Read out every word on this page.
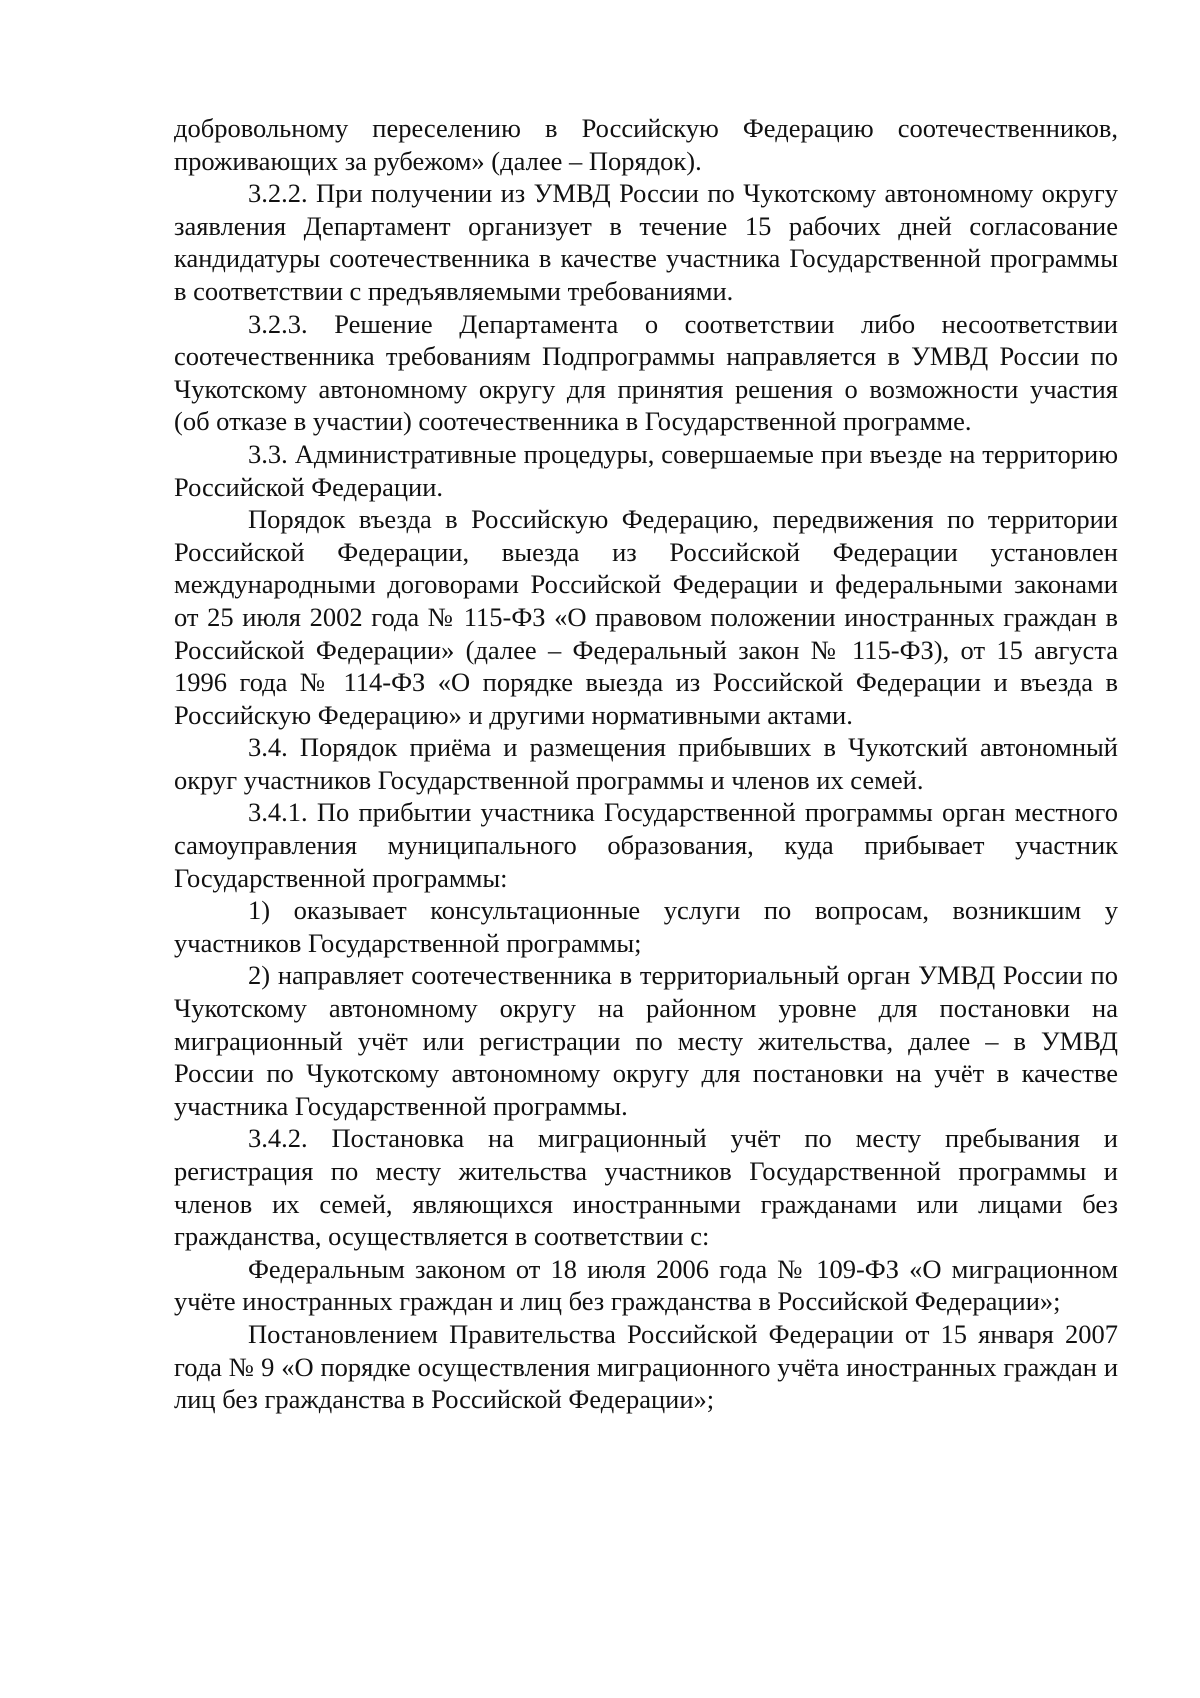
добровольному переселению в Российскую Федерацию соотечественников, проживающих за рубежом» (далее – Порядок).

3.2.2. При получении из УМВД России по Чукотскому автономному округу заявления Департамент организует в течение 15 рабочих дней согласование кандидатуры соотечественника в качестве участника Государственной программы в соответствии с предъявляемыми требованиями.

3.2.3. Решение Департамента о соответствии либо несоответствии соотечественника требованиям Подпрограммы направляется в УМВД России по Чукотскому автономному округу для принятия решения о возможности участия (об отказе в участии) соотечественника в Государственной программе.

3.3. Административные процедуры, совершаемые при въезде на территорию Российской Федерации.

Порядок въезда в Российскую Федерацию, передвижения по территории Российской Федерации, выезда из Российской Федерации установлен международными договорами Российской Федерации и федеральными законами от 25 июля 2002 года № 115-ФЗ «О правовом положении иностранных граждан в Российской Федерации» (далее – Федеральный закон № 115-ФЗ), от 15 августа 1996 года № 114-ФЗ «О порядке выезда из Российской Федерации и въезда в Российскую Федерацию» и другими нормативными актами.

3.4. Порядок приёма и размещения прибывших в Чукотский автономный округ участников Государственной программы и членов их семей.

3.4.1. По прибытии участника Государственной программы орган местного самоуправления муниципального образования, куда прибывает участник Государственной программы:

1) оказывает консультационные услуги по вопросам, возникшим у участников Государственной программы;

2) направляет соотечественника в территориальный орган УМВД России по Чукотскому автономному округу на районном уровне для постановки на миграционный учёт или регистрации по месту жительства, далее – в УМВД России по Чукотскому автономному округу для постановки на учёт в качестве участника Государственной программы.

3.4.2. Постановка на миграционный учёт по месту пребывания и регистрация по месту жительства участников Государственной программы и членов их семей, являющихся иностранными гражданами или лицами без гражданства, осуществляется в соответствии с:

Федеральным законом от 18 июля 2006 года № 109-ФЗ «О миграционном учёте иностранных граждан и лиц без гражданства в Российской Федерации»;

Постановлением Правительства Российской Федерации от 15 января 2007 года № 9 «О порядке осуществления миграционного учёта иностранных граждан и лиц без гражданства в Российской Федерации»;
